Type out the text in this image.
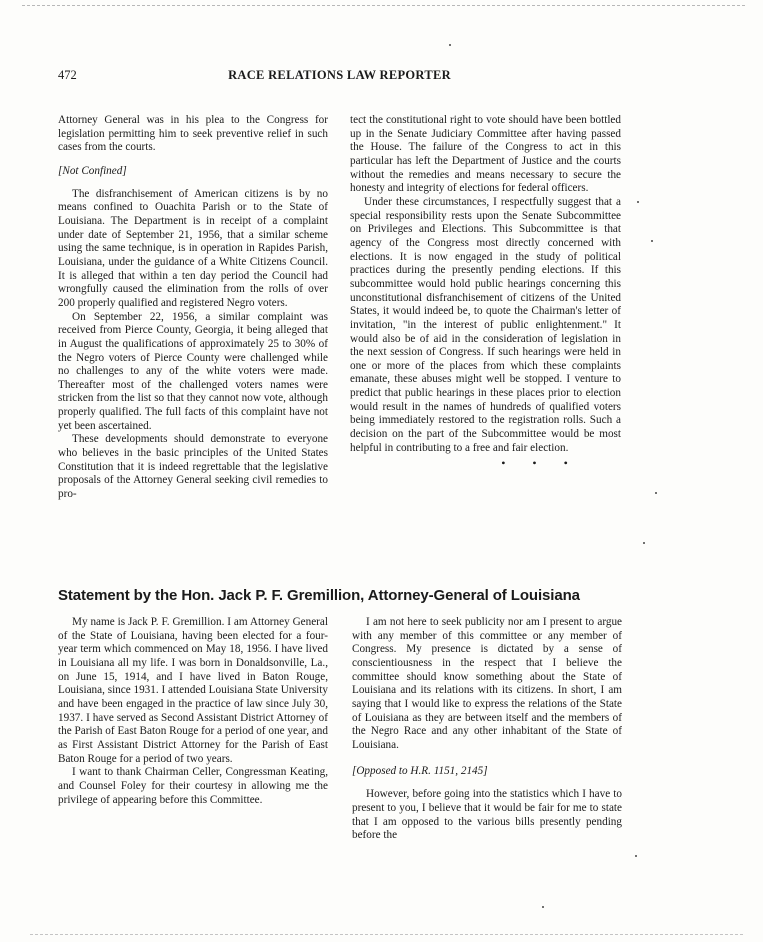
472	RACE RELATIONS LAW REPORTER

Attorney General was in his plea to the Congress for legislation permitting him to seek preventive relief in such cases from the courts.

[Not Confined]

The disfranchisement of American citizens is by no means confined to Ouachita Parish or to the State of Louisiana. The Department is in receipt of a complaint under date of September 21, 1956, that a similar scheme using the same technique, is in operation in Rapides Parish, Louisiana, under the guidance of a White Citizens Council. It is alleged that within a ten day period the Council had wrongfully caused the elimination from the rolls of over 200 properly qualified and registered Negro voters.

On September 22, 1956, a similar complaint was received from Pierce County, Georgia, it being alleged that in August the qualifications of approximately 25 to 30% of the Negro voters of Pierce County were challenged while no challenges to any of the white voters were made. Thereafter most of the challenged voters names were stricken from the list so that they cannot now vote, although properly qualified. The full facts of this complaint have not yet been ascertained.

These developments should demonstrate to everyone who believes in the basic principles of the United States Constitution that it is indeed regrettable that the legislative proposals of the Attorney General seeking civil remedies to pro-

tect the constitutional right to vote should have been bottled up in the Senate Judiciary Committee after having passed the House. The failure of the Congress to act in this particular has left the Department of Justice and the courts without the remedies and means necessary to secure the honesty and integrity of elections for federal officers.

Under these circumstances, I respectfully suggest that a special responsibility rests upon the Senate Subcommittee on Privileges and Elections. This Subcommittee is that agency of the Congress most directly concerned with elections. It is now engaged in the study of political practices during the presently pending elections. If this subcommittee would hold public hearings concerning this unconstitutional disfranchisement of citizens of the United States, it would indeed be, to quote the Chairman's letter of invitation, "in the interest of public enlightenment." It would also be of aid in the consideration of legislation in the next session of Congress. If such hearings were held in one or more of the places from which these complaints emanate, these abuses might well be stopped. I venture to predict that public hearings in these places prior to election would result in the names of hundreds of qualified voters being immediately restored to the registration rolls. Such a decision on the part of the Subcommittee would be most helpful in contributing to a free and fair election.

• • •
Statement by the Hon. Jack P. F. Gremillion, Attorney-General of Louisiana

My name is Jack P. F. Gremillion. I am Attorney General of the State of Louisiana, having been elected for a four-year term which commenced on May 18, 1956. I have lived in Louisiana all my life. I was born in Donaldsonville, La., on June 15, 1914, and I have lived in Baton Rouge, Louisiana, since 1931. I attended Louisiana State University and have been engaged in the practice of law since July 30, 1937. I have served as Second Assistant District Attorney of the Parish of East Baton Rouge for a period of one year, and as First Assistant District Attorney for the Parish of East Baton Rouge for a period of two years.

I want to thank Chairman Celler, Congressman Keating, and Counsel Foley for their courtesy in allowing me the privilege of appearing before this Committee.

I am not here to seek publicity nor am I present to argue with any member of this committee or any member of Congress. My presence is dictated by a sense of conscientiousness in the respect that I believe the committee should know something about the State of Louisiana and its relations with its citizens. In short, I am saying that I would like to express the relations of the State of Louisiana as they are between itself and the members of the Negro Race and any other inhabitant of the State of Louisiana.

[Opposed to H.R. 1151, 2145]

However, before going into the statistics which I have to present to you, I believe that it would be fair for me to state that I am opposed to the various bills presently pending before the
